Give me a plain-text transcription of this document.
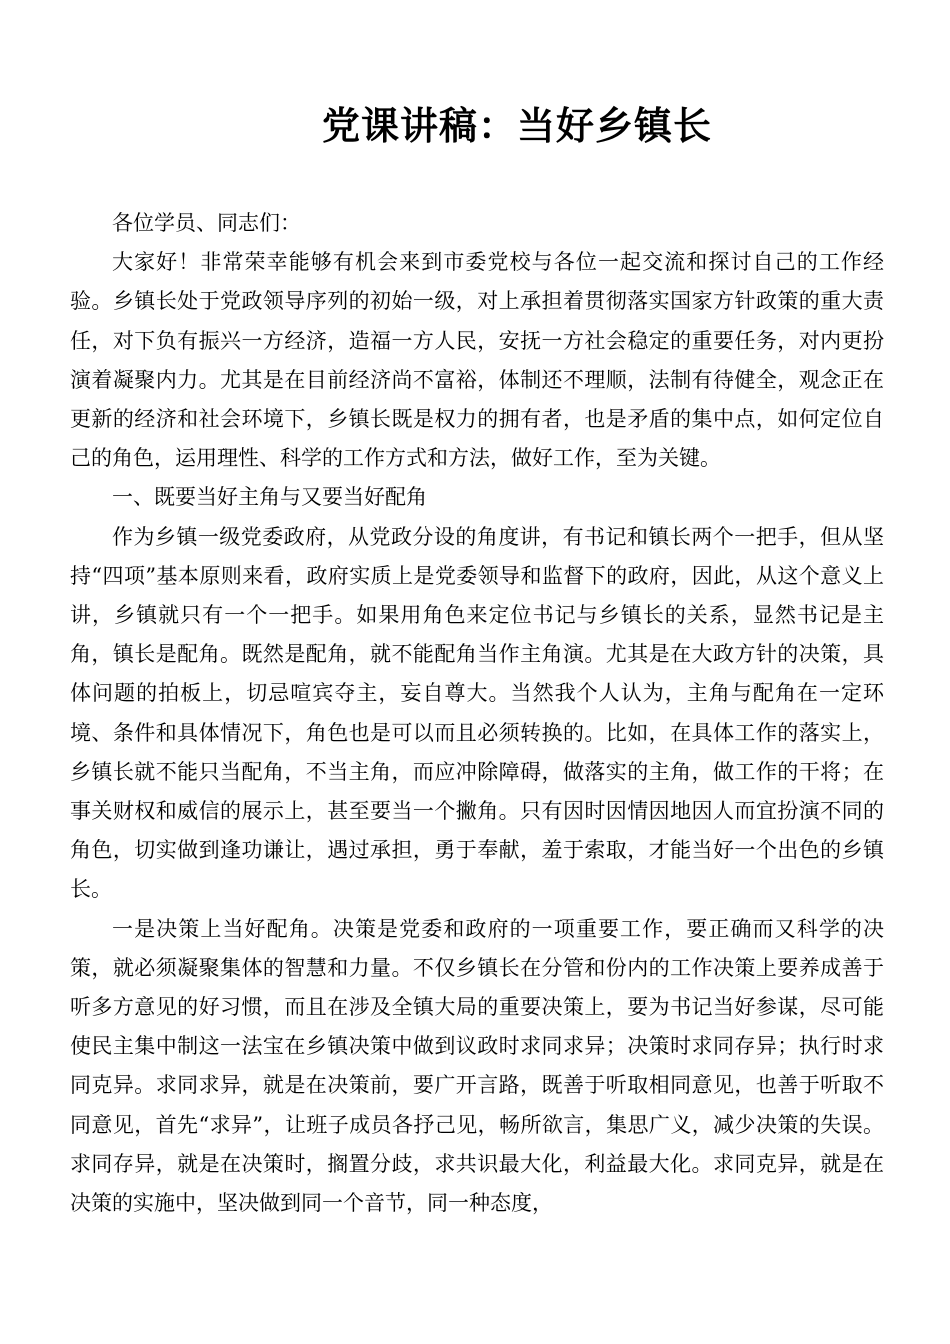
党课讲稿：当好乡镇长

各位学员、同志们：

大家好！非常荣幸能够有机会来到市委党校与各位一起交流和探讨自己的工作经验。乡镇长处于党政领导序列的初始一级，对上承担着贯彻落实国家方针政策的重大责任，对下负有振兴一方经济，造福一方人民，安抚一方社会稳定的重要任务，对内更扮演着凝聚内力。尤其是在目前经济尚不富裕，体制还不理顺，法制有待健全，观念正在更新的经济和社会环境下，乡镇长既是权力的拥有者，也是矛盾的集中点，如何定位自己的角色，运用理性、科学的工作方式和方法，做好工作，至为关键。

一、既要当好主角与又要当好配角

作为乡镇一级党委政府，从党政分设的角度讲，有书记和镇长两个一把手，但从坚持“四项”基本原则来看，政府实质上是党委领导和监督下的政府，因此，从这个意义上讲，乡镇就只有一个一把手。如果用角色来定位书记与乡镇长的关系，显然书记是主角，镇长是配角。既然是配角，就不能配角当作主角演。尤其是在大政方针的决策，具体问题的拍板上，切忌喧宾夺主，妄自尊大。当然我个人认为，主角与配角在一定环境、条件和具体情况下，角色也是可以而且必须转换的。比如，在具体工作的落实上，乡镇长就不能只当配角，不当主角，而应冲除障碍，做落实的主角，做工作的干将；在事关财权和威信的展示上，甚至要当一个撇角。只有因时因情因地因人而宜扮演不同的角色，切实做到逢功谦让，遇过承担，勇于奉献，羞于索取，才能当好一个出色的乡镇长。

一是决策上当好配角。决策是党委和政府的一项重要工作，要正确而又科学的决策，就必须凝聚集体的智慧和力量。不仅乡镇长在分管和份内的工作决策上要养成善于听多方意见的好习惯，而且在涉及全镇大局的重要决策上，要为书记当好参谋，尽可能使民主集中制这一法宝在乡镇决策中做到议政时求同求异；决策时求同存异；执行时求同克异。求同求异，就是在决策前，要广开言路，既善于听取相同意见，也善于听取不同意见，首先“求异”，让班子成员各抒己见，畅所欲言，集思广义，减少决策的失误。求同存异，就是在决策时，搁置分歧，求共识最大化，利益最大化。求同克异，就是在决策的实施中，坚决做到同一个音节，同一种态度，
